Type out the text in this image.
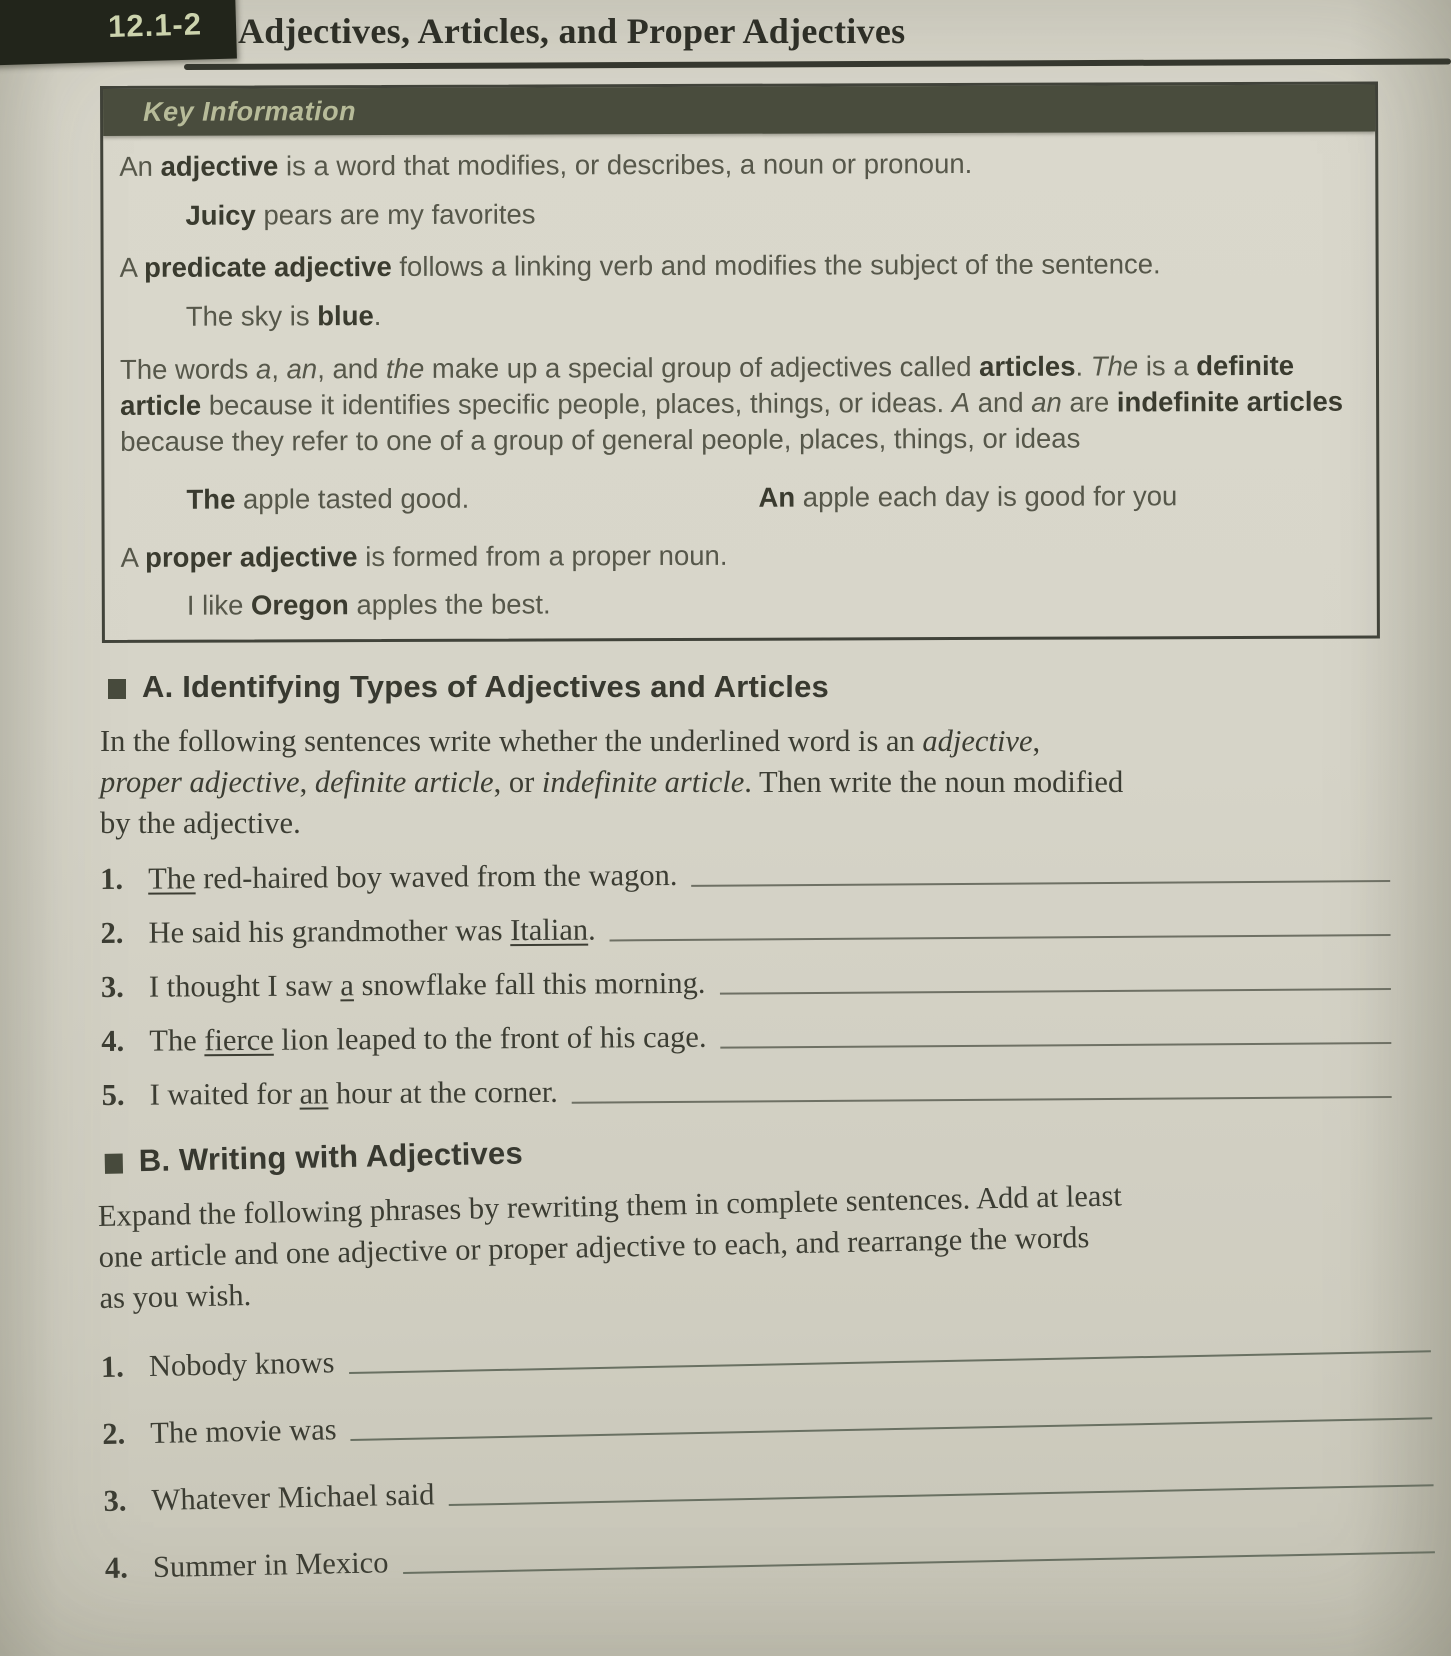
12.1-2 Adjectives, Articles, and Proper Adjectives
Key Information

An adjective is a word that modifies, or describes, a noun or pronoun.

Juicy pears are my favorites

A predicate adjective follows a linking verb and modifies the subject of the sentence.

The sky is blue.

The words a, an, and the make up a special group of adjectives called articles. The is a definite article because it identifies specific people, places, things, or ideas. A and an are indefinite articles because they refer to one of a group of general people, places, things, or ideas

The apple tasted good.	An apple each day is good for you

A proper adjective is formed from a proper noun.

I like Oregon apples the best.

A. Identifying Types of Adjectives and Articles
In the following sentences write whether the underlined word is an adjective,
proper adjective, definite article, or indefinite article. Then write the noun modified
by the adjective.
1. The red-haired boy waved from the wagon.
2. He said his grandmother was Italian.
3. I thought I saw a snowflake fall this morning.
4. The fierce lion leaped to the front of his cage.
5. I waited for an hour at the corner.
B. Writing with Adjectives
Expand the following phrases by rewriting them in complete sentences. Add at least
one article and one adjective or proper adjective to each, and rearrange the words
as you wish.
1. Nobody knows
2. The movie was
3. Whatever Michael said
4. Summer in Mexico
